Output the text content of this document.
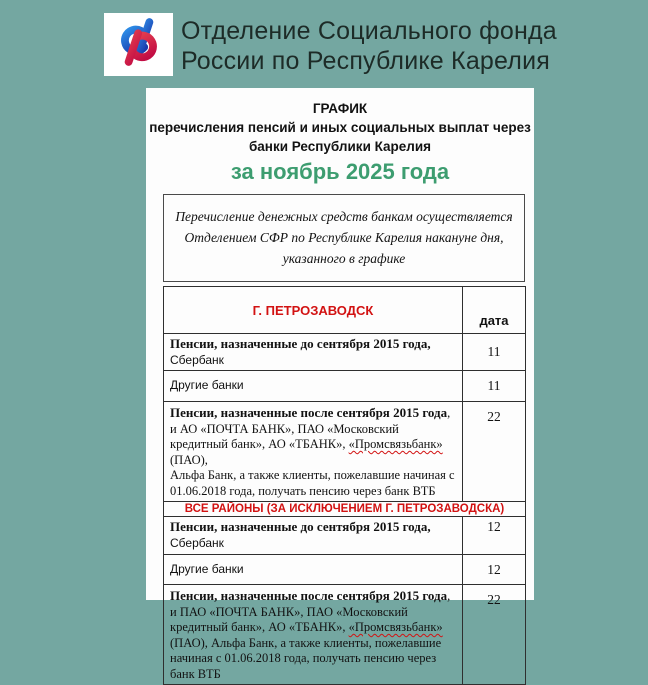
Отделение Социального фонда
России по Республике Карелия
ГРАФИК
перечисления пенсий и иных социальных выплат через
банки Республики Карелия
за ноябрь 2025 года
Перечисление денежных средств банкам осуществляется
Отделением СФР по Республике Карелия накануне дня,
указанного в графике
Г. ПЕТРОЗАВОДСК	дата
Пенсии, назначенные до сентября 2015 года, Сбербанк	11
Другие банки	11
Пенсии, назначенные после сентября 2015 года, и АО «ПОЧТА БАНК», ПАО «Московский кредитный банк», АО «ТБАНК», «Промсвязьбанк» (ПАО),
Альфа Банк, а также клиенты, пожелавшие начиная с 01.06.2018 года, получать пенсию через банк ВТБ	22
ВСЕ РАЙОНЫ (ЗА ИСКЛЮЧЕНИЕМ Г. ПЕТРОЗАВОДСКА)	
Пенсии, назначенные до сентября 2015 года, Сбербанк	12
Другие банки	12
Пенсии, назначенные после сентября 2015 года, и ПАО «ПОЧТА БАНК», ПАО «Московский кредитный банк», АО «ТБАНК», «Промсвязьбанк» (ПАО), Альфа Банк, а также клиенты, пожелавшие начиная с 01.06.2018 года, получать пенсию через банк ВТБ	22
